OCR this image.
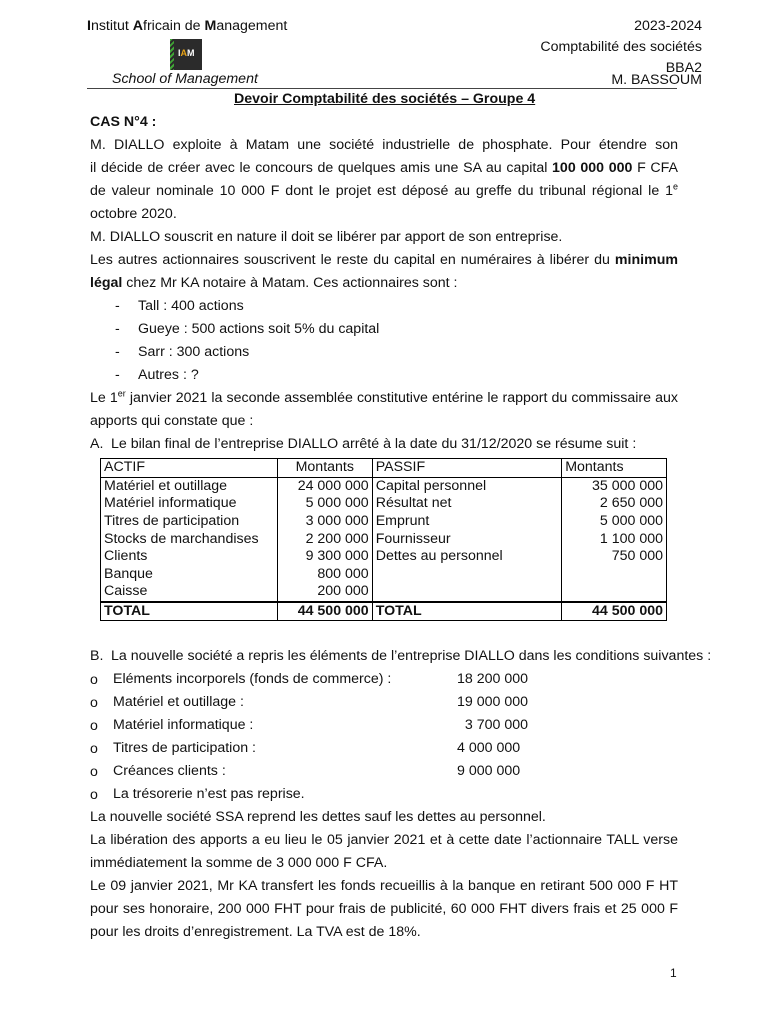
Institut Africain de Management
IAM
School of Management
2023-2024
Comptabilité des sociétés
BBA2
M. BASSOUM
Devoir Comptabilité des sociétés – Groupe 4
CAS N°4 :
M. DIALLO exploite à Matam une société industrielle de phosphate. Pour étendre son
il décide de créer avec le concours de quelques amis une SA au capital 100 000 000 F CFA
de valeur nominale 10 000 F dont le projet est déposé au greffe du tribunal régional le 1e
octobre 2020.
M. DIALLO souscrit en nature il doit se libérer par apport de son entreprise.
Les autres actionnaires souscrivent le reste du capital en numéraires à libérer du minimum
légal chez Mr KA notaire à Matam. Ces actionnaires sont :
- Tall : 400 actions
- Gueye : 500 actions soit 5% du capital
- Sarr : 300 actions
- Autres : ?
Le 1er janvier 2021 la seconde assemblée constitutive entérine le rapport du commissaire aux
apports qui constate que :
A. Le bilan final de l’entreprise DIALLO arrêté à la date du 31/12/2020 se résume suit :
ACTIF	Montants	PASSIF	Montants
Matériel et outillage	24 000 000	Capital personnel	35 000 000
Matériel informatique	5 000 000	Résultat net	2 650 000
Titres de participation	3 000 000	Emprunt	5 000 000
Stocks de marchandises	2 200 000	Fournisseur	1 100 000
Clients	9 300 000	Dettes au personnel	750 000
Banque	800 000		
Caisse	200 000		
TOTAL	44 500 000	TOTAL	44 500 000
B. La nouvelle société a repris les éléments de l’entreprise DIALLO dans les conditions suivantes :
o Eléments incorporels (fonds de commerce) :	18 200 000
o Matériel et outillage :	19 000 000
o Matériel informatique :	3 700 000
o Titres de participation :	4 000 000
o Créances clients :	9 000 000
o La trésorerie n’est pas reprise.
La nouvelle société SSA reprend les dettes sauf les dettes au personnel.
La libération des apports a eu lieu le 05 janvier 2021 et à cette date l’actionnaire TALL verse
immédiatement la somme de 3 000 000 F CFA.
Le 09 janvier 2021, Mr KA transfert les fonds recueillis à la banque en retirant 500 000 F HT
pour ses honoraire, 200 000 FHT pour frais de publicité, 60 000 FHT divers frais et 25 000 F
pour les droits d’enregistrement. La TVA est de 18%.
1
